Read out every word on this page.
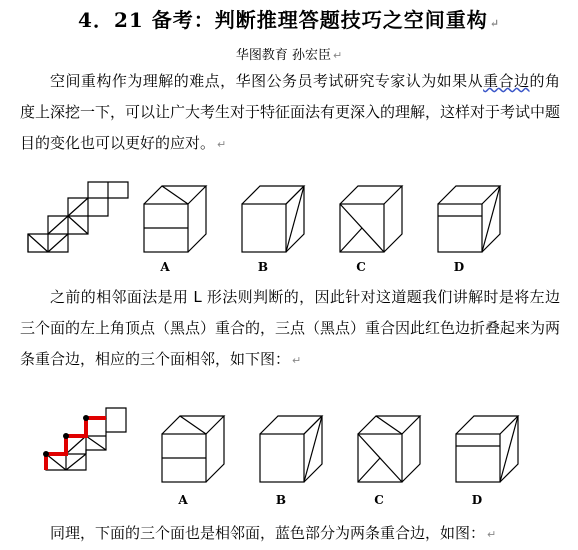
4．21 备考：判断推理答题技巧之空间重构 ↵
华图教育 孙宏臣 ↵
空间重构作为理解的难点，华图公务员考试研究专家认为如果从重合边的角度上深挖一下，可以让广大考生对于特征面法有更深入的理解，这样对于考试中题目的变化也可以更好的应对。 ↵
A	B	C	D
之前的相邻面法是用 L 形法则判断的，因此针对这道题我们讲解时是将左边三个面的左上角顶点（黑点）重合的，三点（黑点）重合因此红色边折叠起来为两条重合边，相应的三个面相邻，如下图： ↵
A	B	C	D
同理，下面的三个面也是相邻面，蓝色部分为两条重合边，如图： ↵
